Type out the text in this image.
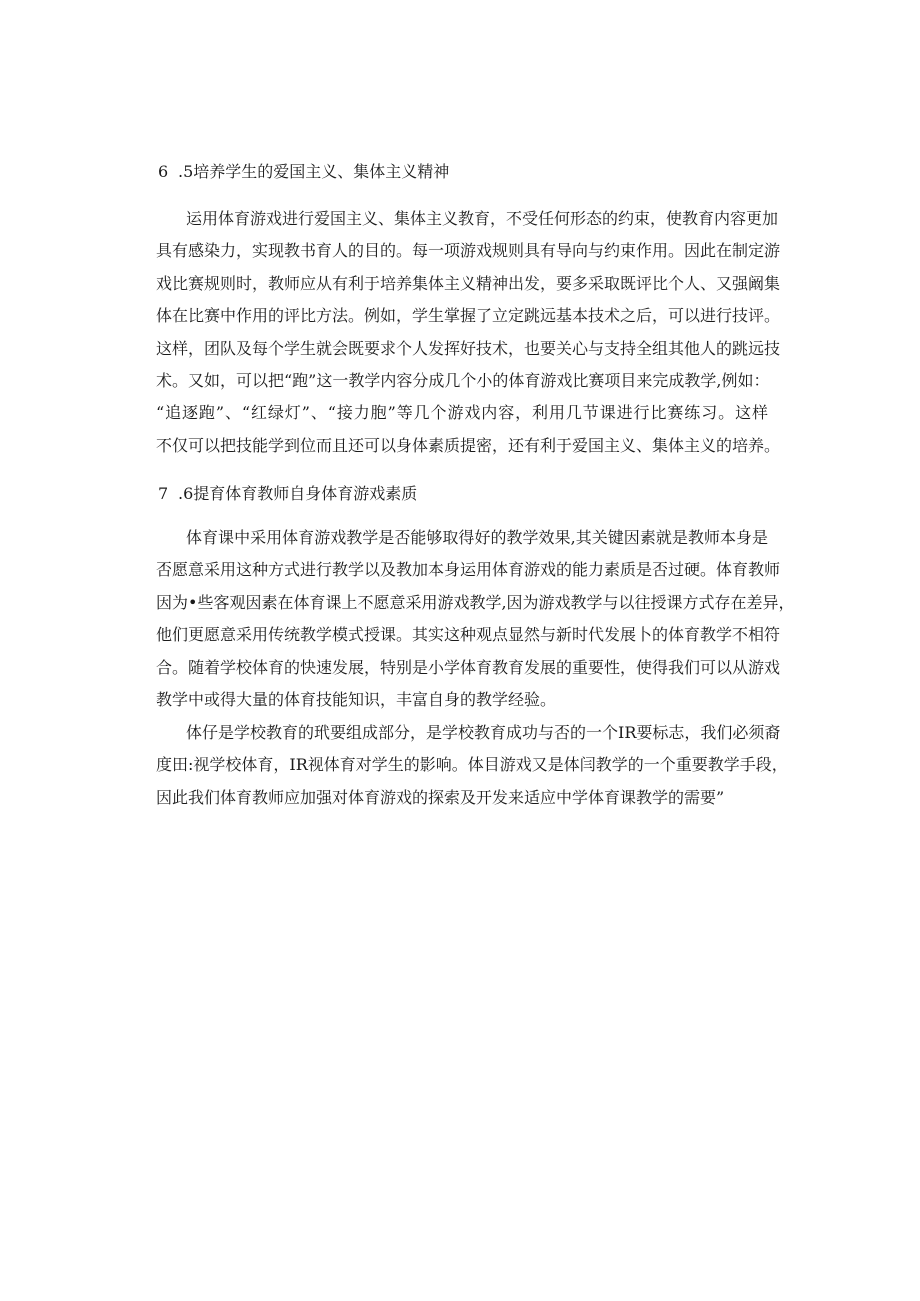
6 .5培养学生的爱国主义、集体主义精神
运用体育游戏进行爱国主义、集体主义教育，不受任何形态的约束，使教育内容更加
具有感染力，实现教书育人的目的。每一项游戏规则具有导向与约束作用。因此在制定游
戏比赛规则时，教师应从有利于培养集体主义精神出发，要多采取既评比个人、又强阚集
体在比赛中作用的评比方法。例如，学生掌握了立定跳远基本技术之后，可以进行技评。
这样，团队及每个学生就会既要求个人发挥好技术，也要关心与支持全组其他人的跳远技
术。又如，可以把“跑”这一教学内容分成几个小的体育游戏比赛项目来完成教学,例如：
“追逐跑”、“红绿灯”、“接力胞”等几个游戏内容，利用几节课进行比赛练习。这样
不仅可以把技能学到位而且还可以身体素质提密，还有利于爱国主义、集体主义的培养。
7 .6提育体育教师自身体育游戏素质
体育课中采用体育游戏教学是否能够取得好的教学效果,其关键因素就是教师本身是
否愿意采用这种方式进行教学以及教加本身运用体育游戏的能力素质是否过硬。体育教师
因为•些客观因素在体育课上不愿意采用游戏教学,因为游戏教学与以往授课方式存在差异，
他们更愿意采用传统教学模式授课。其实这种观点显然与新时代发展卜的体育教学不相符
合。随着学校体育的快速发展，特别是小学体育教育发展的重要性，使得我们可以从游戏
教学中或得大量的体育技能知识，丰富自身的教学经验。
体仔是学校教育的玳要组成部分，是学校教育成功与否的一个IR要标志，我们必须裔
度田:视学校体育，IR视体育对学生的影响。体目游戏又是体闫教学的一个重要教学手段，
因此我们体育教师应加强对体育游戏的探索及开发来适应中学体育课教学的需要”
